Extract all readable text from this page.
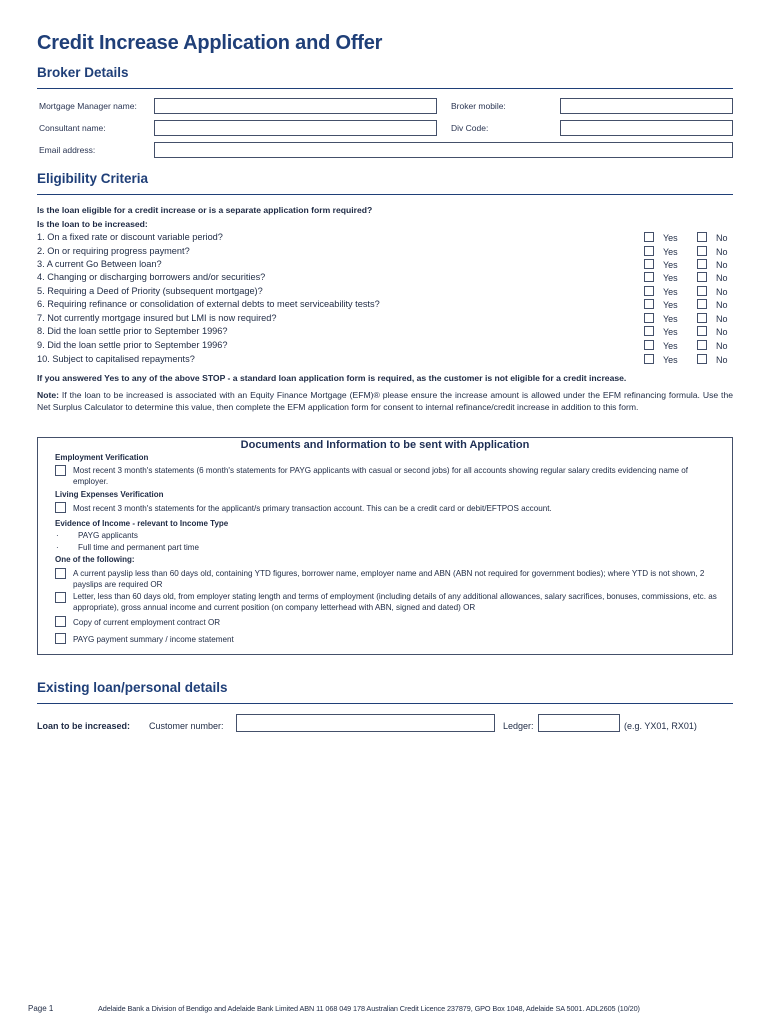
Credit Increase Application and Offer
Broker Details
Mortgage Manager name:	Broker mobile:
Consultant name:	Div Code:
Email address:
Eligibility Criteria
Is the loan eligible for a credit increase or is a separate application form required?
Is the loan to be increased:
1. On a fixed rate or discount variable period?	Yes	No
2. On or requiring progress payment?	Yes	No
3. A current Go Between loan?	Yes	No
4. Changing or discharging borrowers and/or securities?	Yes	No
5. Requiring a Deed of Priority (subsequent mortgage)?	Yes	No
6. Requiring refinance or consolidation of external debts to meet serviceability tests?	Yes	No
7. Not currently mortgage insured but LMI is now required?	Yes	No
8. Did the loan settle prior to September 1996?	Yes	No
9. Did the loan settle prior to September 1996?	Yes	No
10. Subject to capitalised repayments?	Yes	No
If you answered Yes to any of the above STOP - a standard loan application form is required, as the customer is not eligible for a credit increase.
Note: If the loan to be increased is associated with an Equity Finance Mortgage (EFM)® please ensure the increase amount is allowed under the EFM refinancing formula. Use the Net Surplus Calculator to determine this value, then complete the EFM application form for consent to internal refinance/credit increase in addition to this form.
Documents and Information to be sent with Application
Employment Verification
Most recent 3 month's statements (6 month's statements for PAYG applicants with casual or second jobs) for all accounts showing regular salary credits evidencing name of employer.
Living Expenses Verification
Most recent 3 month's statements for the applicant/s primary transaction account. This can be a credit card or debit/EFTPOS account.
Evidence of Income - relevant to Income Type
· PAYG applicants
· Full time and permanent part time
One of the following:
A current payslip less than 60 days old, containing YTD figures, borrower name, employer name and ABN (ABN not required for government bodies); where YTD is not shown, 2 payslips are required OR
Letter, less than 60 days old, from employer stating length and terms of employment (including details of any additional allowances, salary sacrifices, bonuses, commissions, etc. as appropriate), gross annual income and current position (on company letterhead with ABN, signed and dated) OR
Copy of current employment contract OR
PAYG payment summary / income statement
Existing loan/personal details
Loan to be increased: Customer number:	Ledger:	(e.g. YX01, RX01)
Page 1	Adelaide Bank a Division of Bendigo and Adelaide Bank Limited ABN 11 068 049 178 Australian Credit Licence 237879, GPO Box 1048, Adelaide SA 5001. ADL2605 (10/20)
